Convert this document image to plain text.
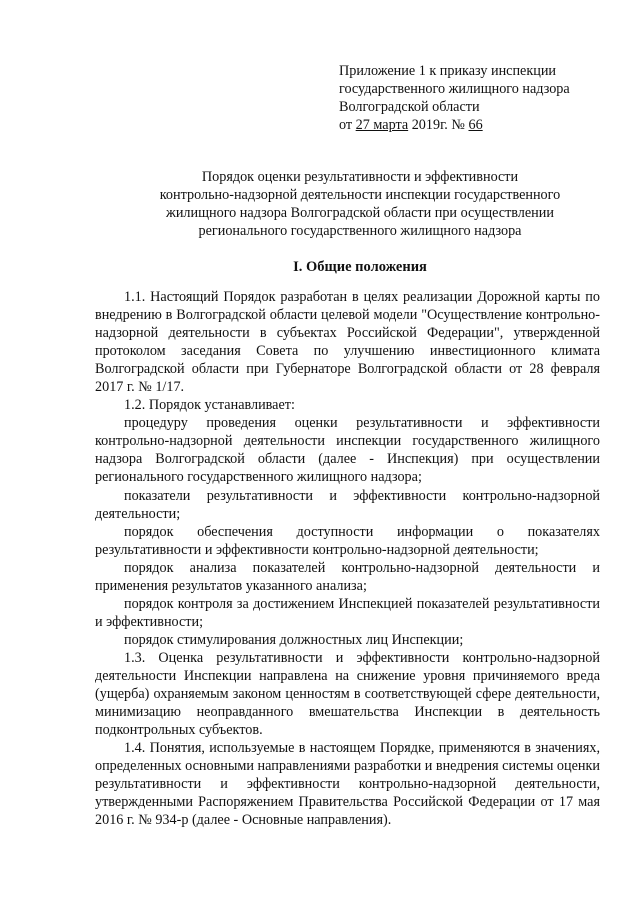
Приложение 1 к приказу инспекции
государственного жилищного надзора
Волгоградской области
от 27 марта 2019г. № 66
Порядок оценки результативности и эффективности
контрольно-надзорной деятельности инспекции государственного
жилищного надзора Волгоградской области при осуществлении
регионального государственного жилищного надзора
I. Общие положения

1.1. Настоящий Порядок разработан в целях реализации Дорожной карты по внедрению в Волгоградской области целевой модели "Осуществление контрольно-надзорной деятельности в субъектах Российской Федерации", утвержденной протоколом заседания Совета по улучшению инвестиционного климата Волгоградской области при Губернаторе Волгоградской области от 28 февраля 2017 г. № 1/17.

1.2. Порядок устанавливает:

процедуру проведения оценки результативности и эффективности контрольно-надзорной деятельности инспекции государственного жилищного надзора Волгоградской области (далее - Инспекция) при осуществлении регионального государственного жилищного надзора;

показатели результативности и эффективности контрольно-надзорной деятельности;

порядок обеспечения доступности информации о показателях результативности и эффективности контрольно-надзорной деятельности;

порядок анализа показателей контрольно-надзорной деятельности и применения результатов указанного анализа;

порядок контроля за достижением Инспекцией показателей результативности и эффективности;

порядок стимулирования должностных лиц Инспекции;

1.3. Оценка результативности и эффективности контрольно-надзорной деятельности Инспекции направлена на снижение уровня причиняемого вреда (ущерба) охраняемым законом ценностям в соответствующей сфере деятельности, минимизацию неоправданного вмешательства Инспекции в деятельность подконтрольных субъектов.

1.4. Понятия, используемые в настоящем Порядке, применяются в значениях, определенных основными направлениями разработки и внедрения системы оценки результативности и эффективности контрольно-надзорной деятельности, утвержденными Распоряжением Правительства Российской Федерации от 17 мая 2016 г. № 934-р (далее - Основные направления).
